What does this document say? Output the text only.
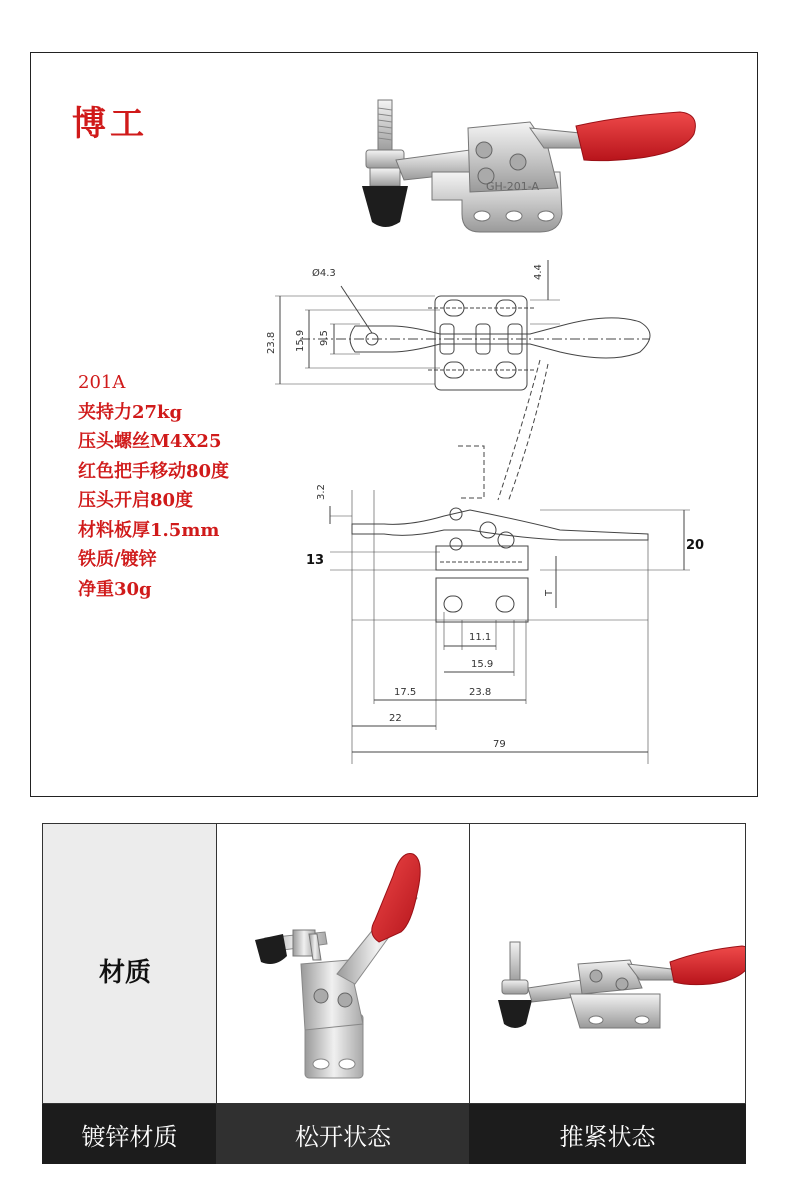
博工
GH-201-A
Ø4.3	4.4
23.8 15.9 9.5
3.2
13
20
T
11.1
15.9
17.5	23.8
22
79
201A
夹持力27kg
压头螺丝M4X25
红色把手移动80度
压头开启80度
材料板厚1.5mm
铁质/镀锌
净重30g
材质
镀锌材质	松开状态	推紧状态
